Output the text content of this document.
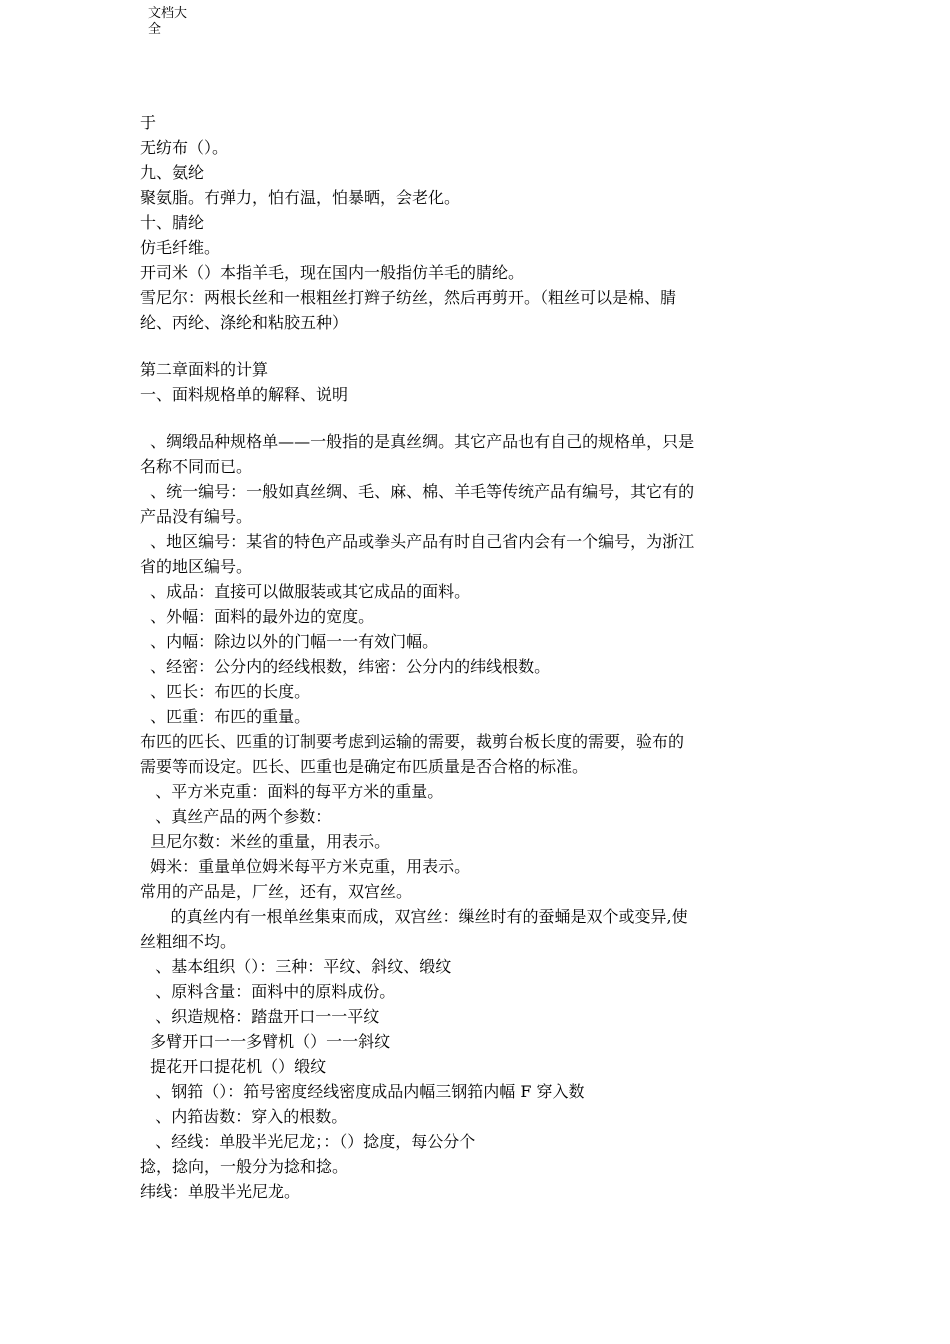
文档大
全
于
无纺布（）。
九、氨纶
聚氨脂。冇弹力，怕冇温，怕暴晒，会老化。
十、腈纶
仿毛纤维。
开司米（）本指羊毛，现在国内一般指仿羊毛的腈纶。
雪尼尔：两根长丝和一根粗丝打辫子纺丝，然后再剪开。（粗丝可以是棉、腈
纶、丙纶、涤纶和粘胶五种）
第二章面料的计算
一、面料规格单的解释、说明
、绸缎品种规格单——一般指的是真丝绸。其它产品也有自己的规格单，只是
名称不同而已。
、统一编号：一般如真丝绸、毛、麻、棉、羊毛等传统产品有编号，其它有的
产品没有编号。
、地区编号：某省的特色产品或拳头产品有时自己省内会有一个编号，为浙江
省的地区编号。
、成品：直接可以做服装或其它成品的面料。
、外幅：面料的最外边的宽度。
、内幅：除边以外的门幅一一有效门幅。
、经密：公分内的经线根数，纬密：公分内的纬线根数。
、匹长：布匹的长度。
、匹重：布匹的重量。
布匹的匹长、匹重的订制要考虑到运输的需要，裁剪台板长度的需要，验布的
需要等而设定。匹长、匹重也是确定布匹质量是否合格的标准。
、平方米克重：面料的每平方米的重量。
、真丝产品的两个参数：
旦尼尔数：米丝的重量，用表示。
姆米：重量单位姆米每平方米克重，用表示。
常用的产品是，厂丝，还有，双宫丝。
的真丝内有一根单丝集束而成，双宫丝：缫丝时有的蚕蛹是双个或变异,使
丝粗细不均。
、基本组织（）：三种：平纹、斜纹、缎纹
、原料含量：面料中的原料成份。
、织造规格：踏盘开口一一平纹
多臂开口一一多臂机（）一一斜纹
提花开口提花机（）缎纹
、钢筘（）：筘号密度经线密度成品内幅三钢筘内幅 F 穿入数
、内筘齿数：穿入的根数。
、经线：单股半光尼龙；：（）捻度，每公分个
捻，捻向，一般分为捻和捻。
纬线：单股半光尼龙。
